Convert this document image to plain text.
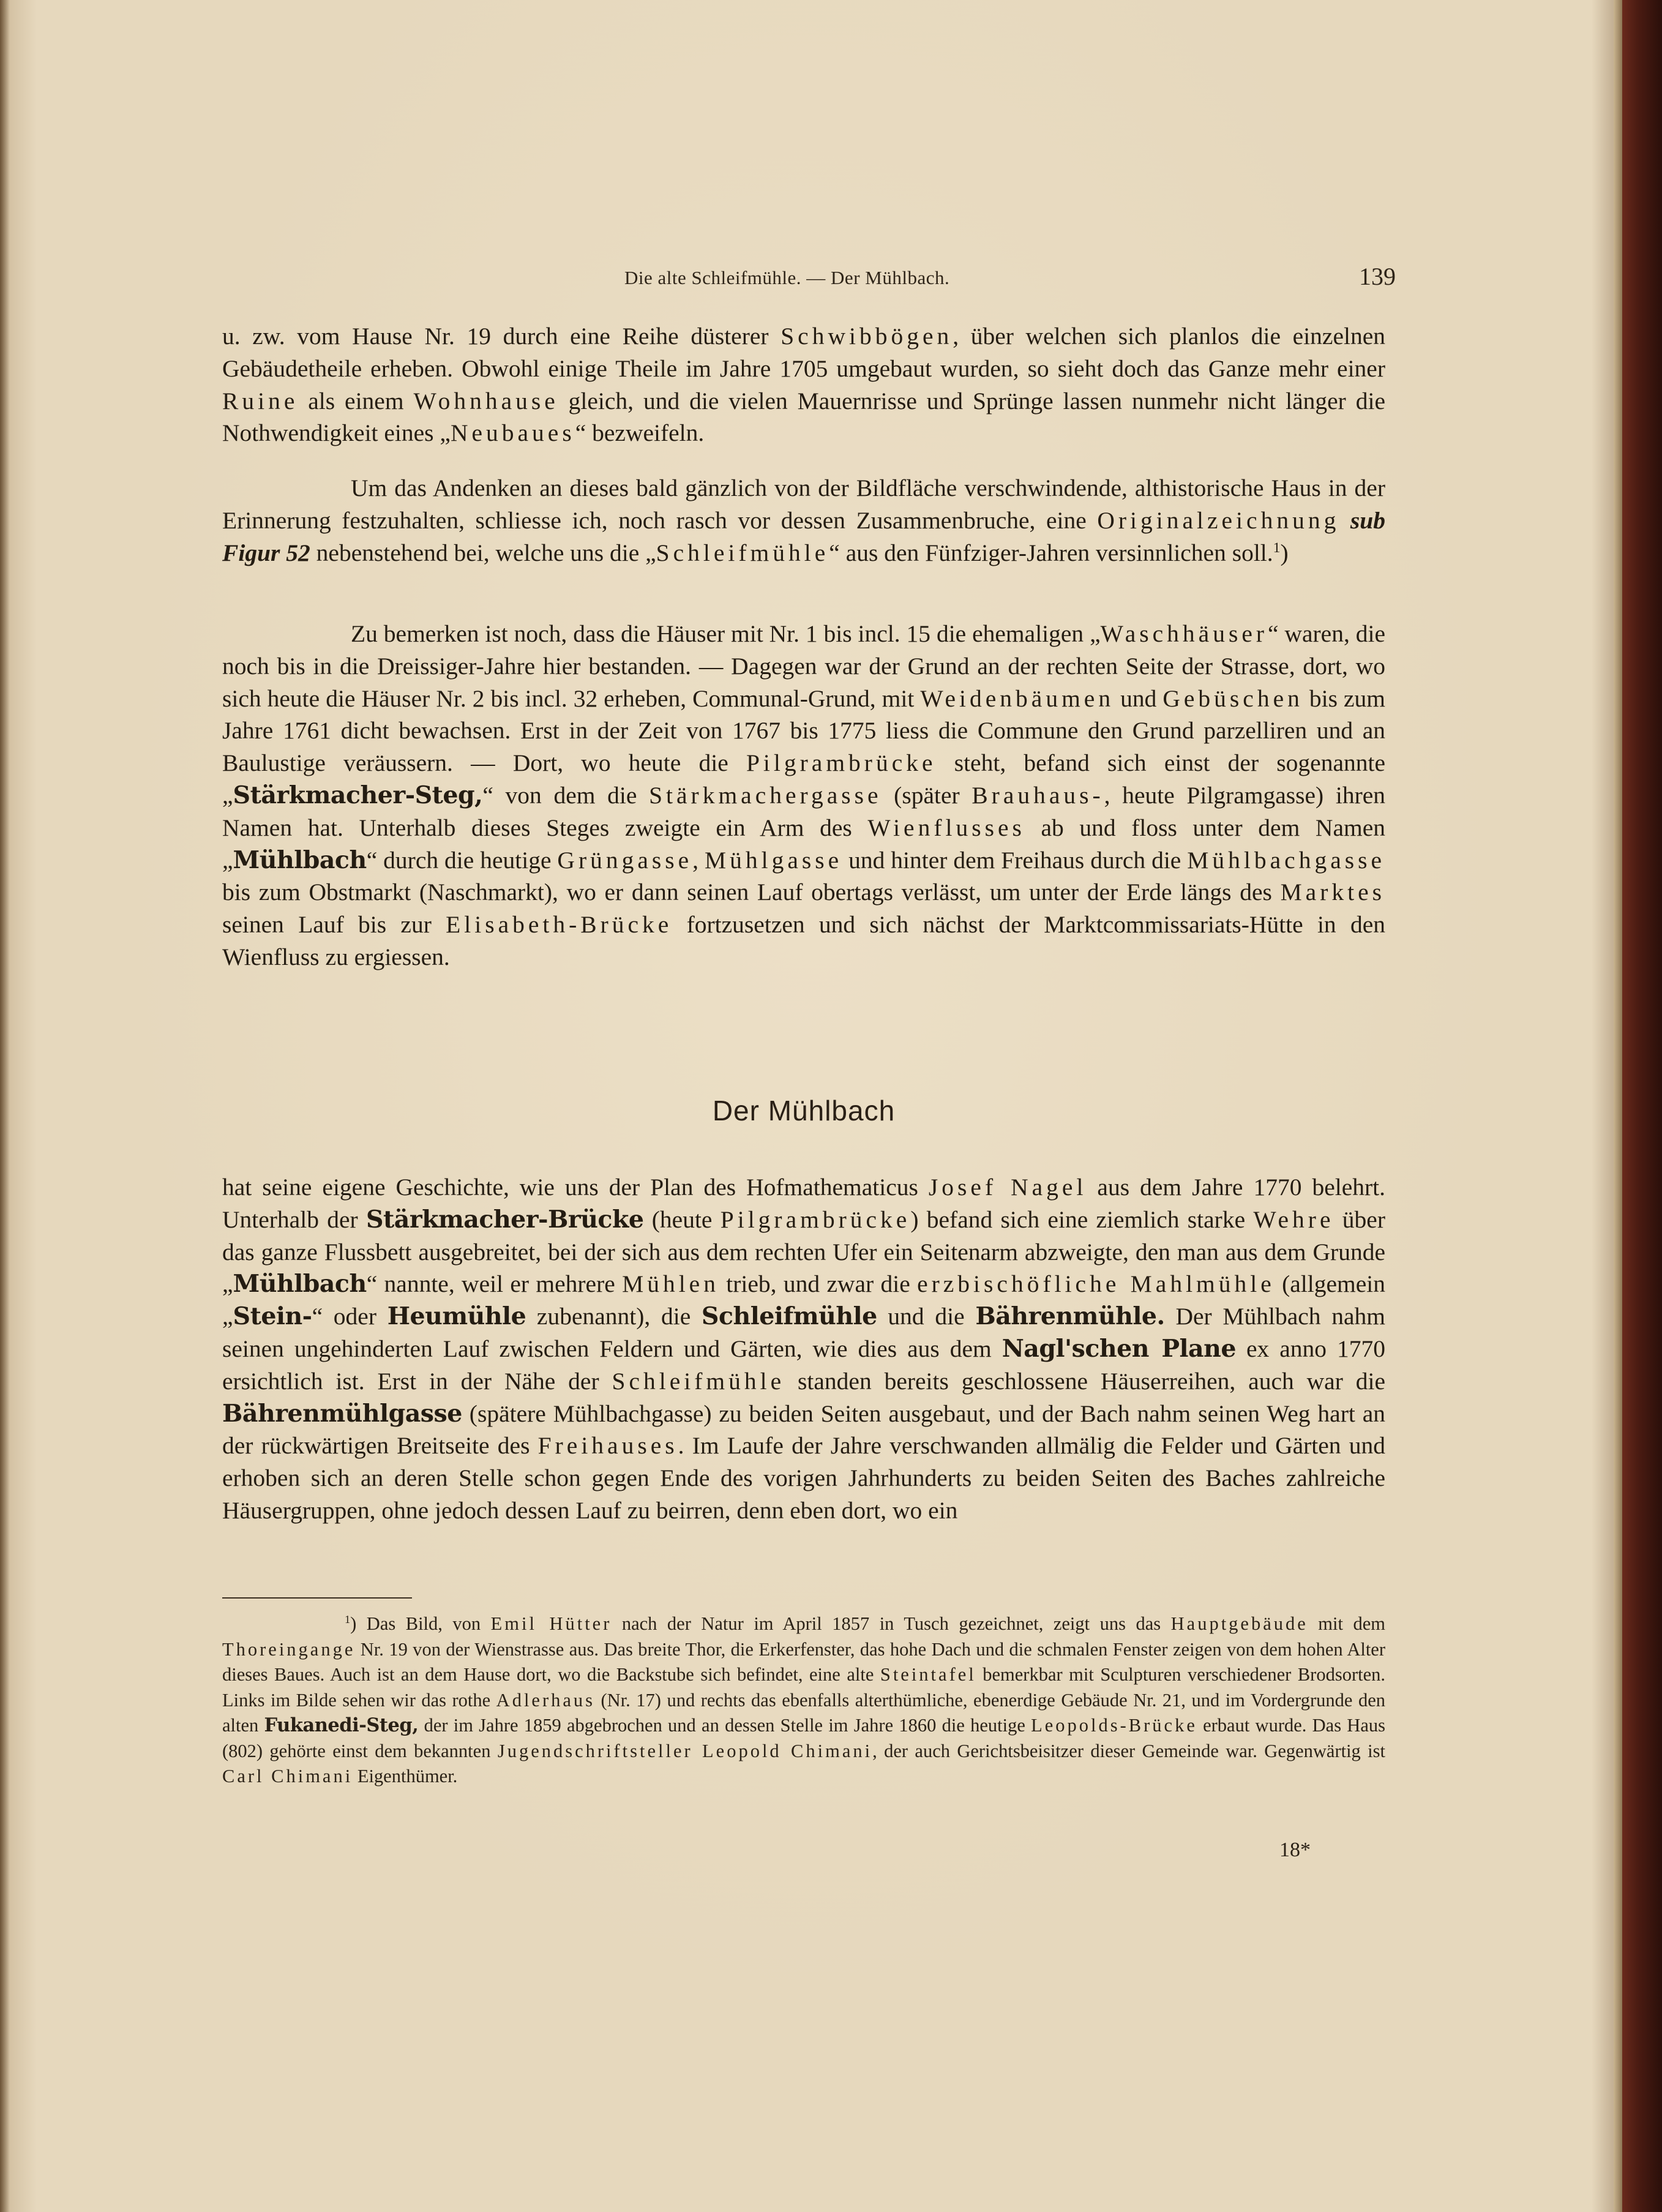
Die alte Schleifmühle. — Der Mühlbach.	139

u. zw. vom Hause Nr. 19 durch eine Reihe düsterer Schwibbögen, über welchen sich planlos die einzelnen Gebäudetheile erheben. Obwohl einige Theile im Jahre 1705 umgebaut wurden, so sieht doch das Ganze mehr einer Ruine als einem Wohnhause gleich, und die vielen Mauernrisse und Sprünge lassen nunmehr nicht länger die Nothwendigkeit eines „Neubaues“ bezweifeln.

Um das Andenken an dieses bald gänzlich von der Bildfläche verschwindende, althistorische Haus in der Erinnerung festzuhalten, schliesse ich, noch rasch vor dessen Zusammenbruche, eine Originalzeichnung sub Figur 52 nebenstehend bei, welche uns die „Schleifmühle“ aus den Fünfziger-Jahren versinnlichen soll.$^1$)

Zu bemerken ist noch, dass die Häuser mit Nr. 1 bis incl. 15 die ehemaligen „Waschhäuser“ waren, die noch bis in die Dreissiger-Jahre hier bestanden. — Dagegen war der Grund an der rechten Seite der Strasse, dort, wo sich heute die Häuser Nr. 2 bis incl. 32 erheben, Communal-Grund, mit Weidenbäumen und Gebüschen bis zum Jahre 1761 dicht bewachsen. Erst in der Zeit von 1767 bis 1775 liess die Commune den Grund parzelliren und an Baulustige veräussern. — Dort, wo heute die Pilgrambrücke steht, befand sich einst der sogenannte „Stärkmacher-Steg,“ von dem die Stärkmachergasse (später Brauhaus-, heute Pilgramgasse) ihren Namen hat. Unterhalb dieses Steges zweigte ein Arm des Wienflusses ab und floss unter dem Namen „Mühlbach“ durch die heutige Grüngasse, Mühlgasse und hinter dem Freihaus durch die Mühlbachgasse bis zum Obstmarkt (Naschmarkt), wo er dann seinen Lauf obertags verlässt, um unter der Erde längs des Marktes seinen Lauf bis zur Elisabeth-Brücke fortzusetzen und sich nächst der Marktcommissariats-Hütte in den Wienfluss zu ergiessen.

Der Mühlbach

hat seine eigene Geschichte, wie uns der Plan des Hofmathematicus Josef Nagel aus dem Jahre 1770 belehrt. Unterhalb der Stärkmacher-Brücke (heute Pilgrambrücke) befand sich eine ziemlich starke Wehre über das ganze Flussbett ausgebreitet, bei der sich aus dem rechten Ufer ein Seitenarm abzweigte, den man aus dem Grunde „Mühlbach“ nannte, weil er mehrere Mühlen trieb, und zwar die erzbischöfliche Mahlmühle (allgemein „Stein-“ oder Heumühle zubenannt), die Schleifmühle und die Bährenmühle. Der Mühlbach nahm seinen ungehinderten Lauf zwischen Feldern und Gärten, wie dies aus dem Nagl'schen Plane ex anno 1770 ersichtlich ist. Erst in der Nähe der Schleifmühle standen bereits geschlossene Häuserreihen, auch war die Bährenmühlgasse (spätere Mühlbachgasse) zu beiden Seiten ausgebaut, und der Bach nahm seinen Weg hart an der rückwärtigen Breitseite des Freihauses. Im Laufe der Jahre verschwanden allmälig die Felder und Gärten und erhoben sich an deren Stelle schon gegen Ende des vorigen Jahrhunderts zu beiden Seiten des Baches zahlreiche Häusergruppen, ohne jedoch dessen Lauf zu beirren, denn eben dort, wo ein

$^1$) Das Bild, von Emil Hütter nach der Natur im April 1857 in Tusch gezeichnet, zeigt uns das Hauptgebäude mit dem Thoreingange Nr. 19 von der Wienstrasse aus. Das breite Thor, die Erkerfenster, das hohe Dach und die schmalen Fenster zeigen von dem hohen Alter dieses Baues. Auch ist an dem Hause dort, wo die Backstube sich befindet, eine alte Steintafel bemerkbar mit Sculpturen verschiedener Brodsorten. Links im Bilde sehen wir das rothe Adlerhaus (Nr. 17) und rechts das ebenfalls alterthümliche, ebenerdige Gebäude Nr. 21, und im Vordergrunde den alten Fukanedi-Steg, der im Jahre 1859 abgebrochen und an dessen Stelle im Jahre 1860 die heutige Leopolds-Brücke erbaut wurde. Das Haus (802) gehörte einst dem bekannten Jugendschriftsteller Leopold Chimani, der auch Gerichtsbeisitzer dieser Gemeinde war. Gegenwärtig ist Carl Chimani Eigenthümer.
18*
